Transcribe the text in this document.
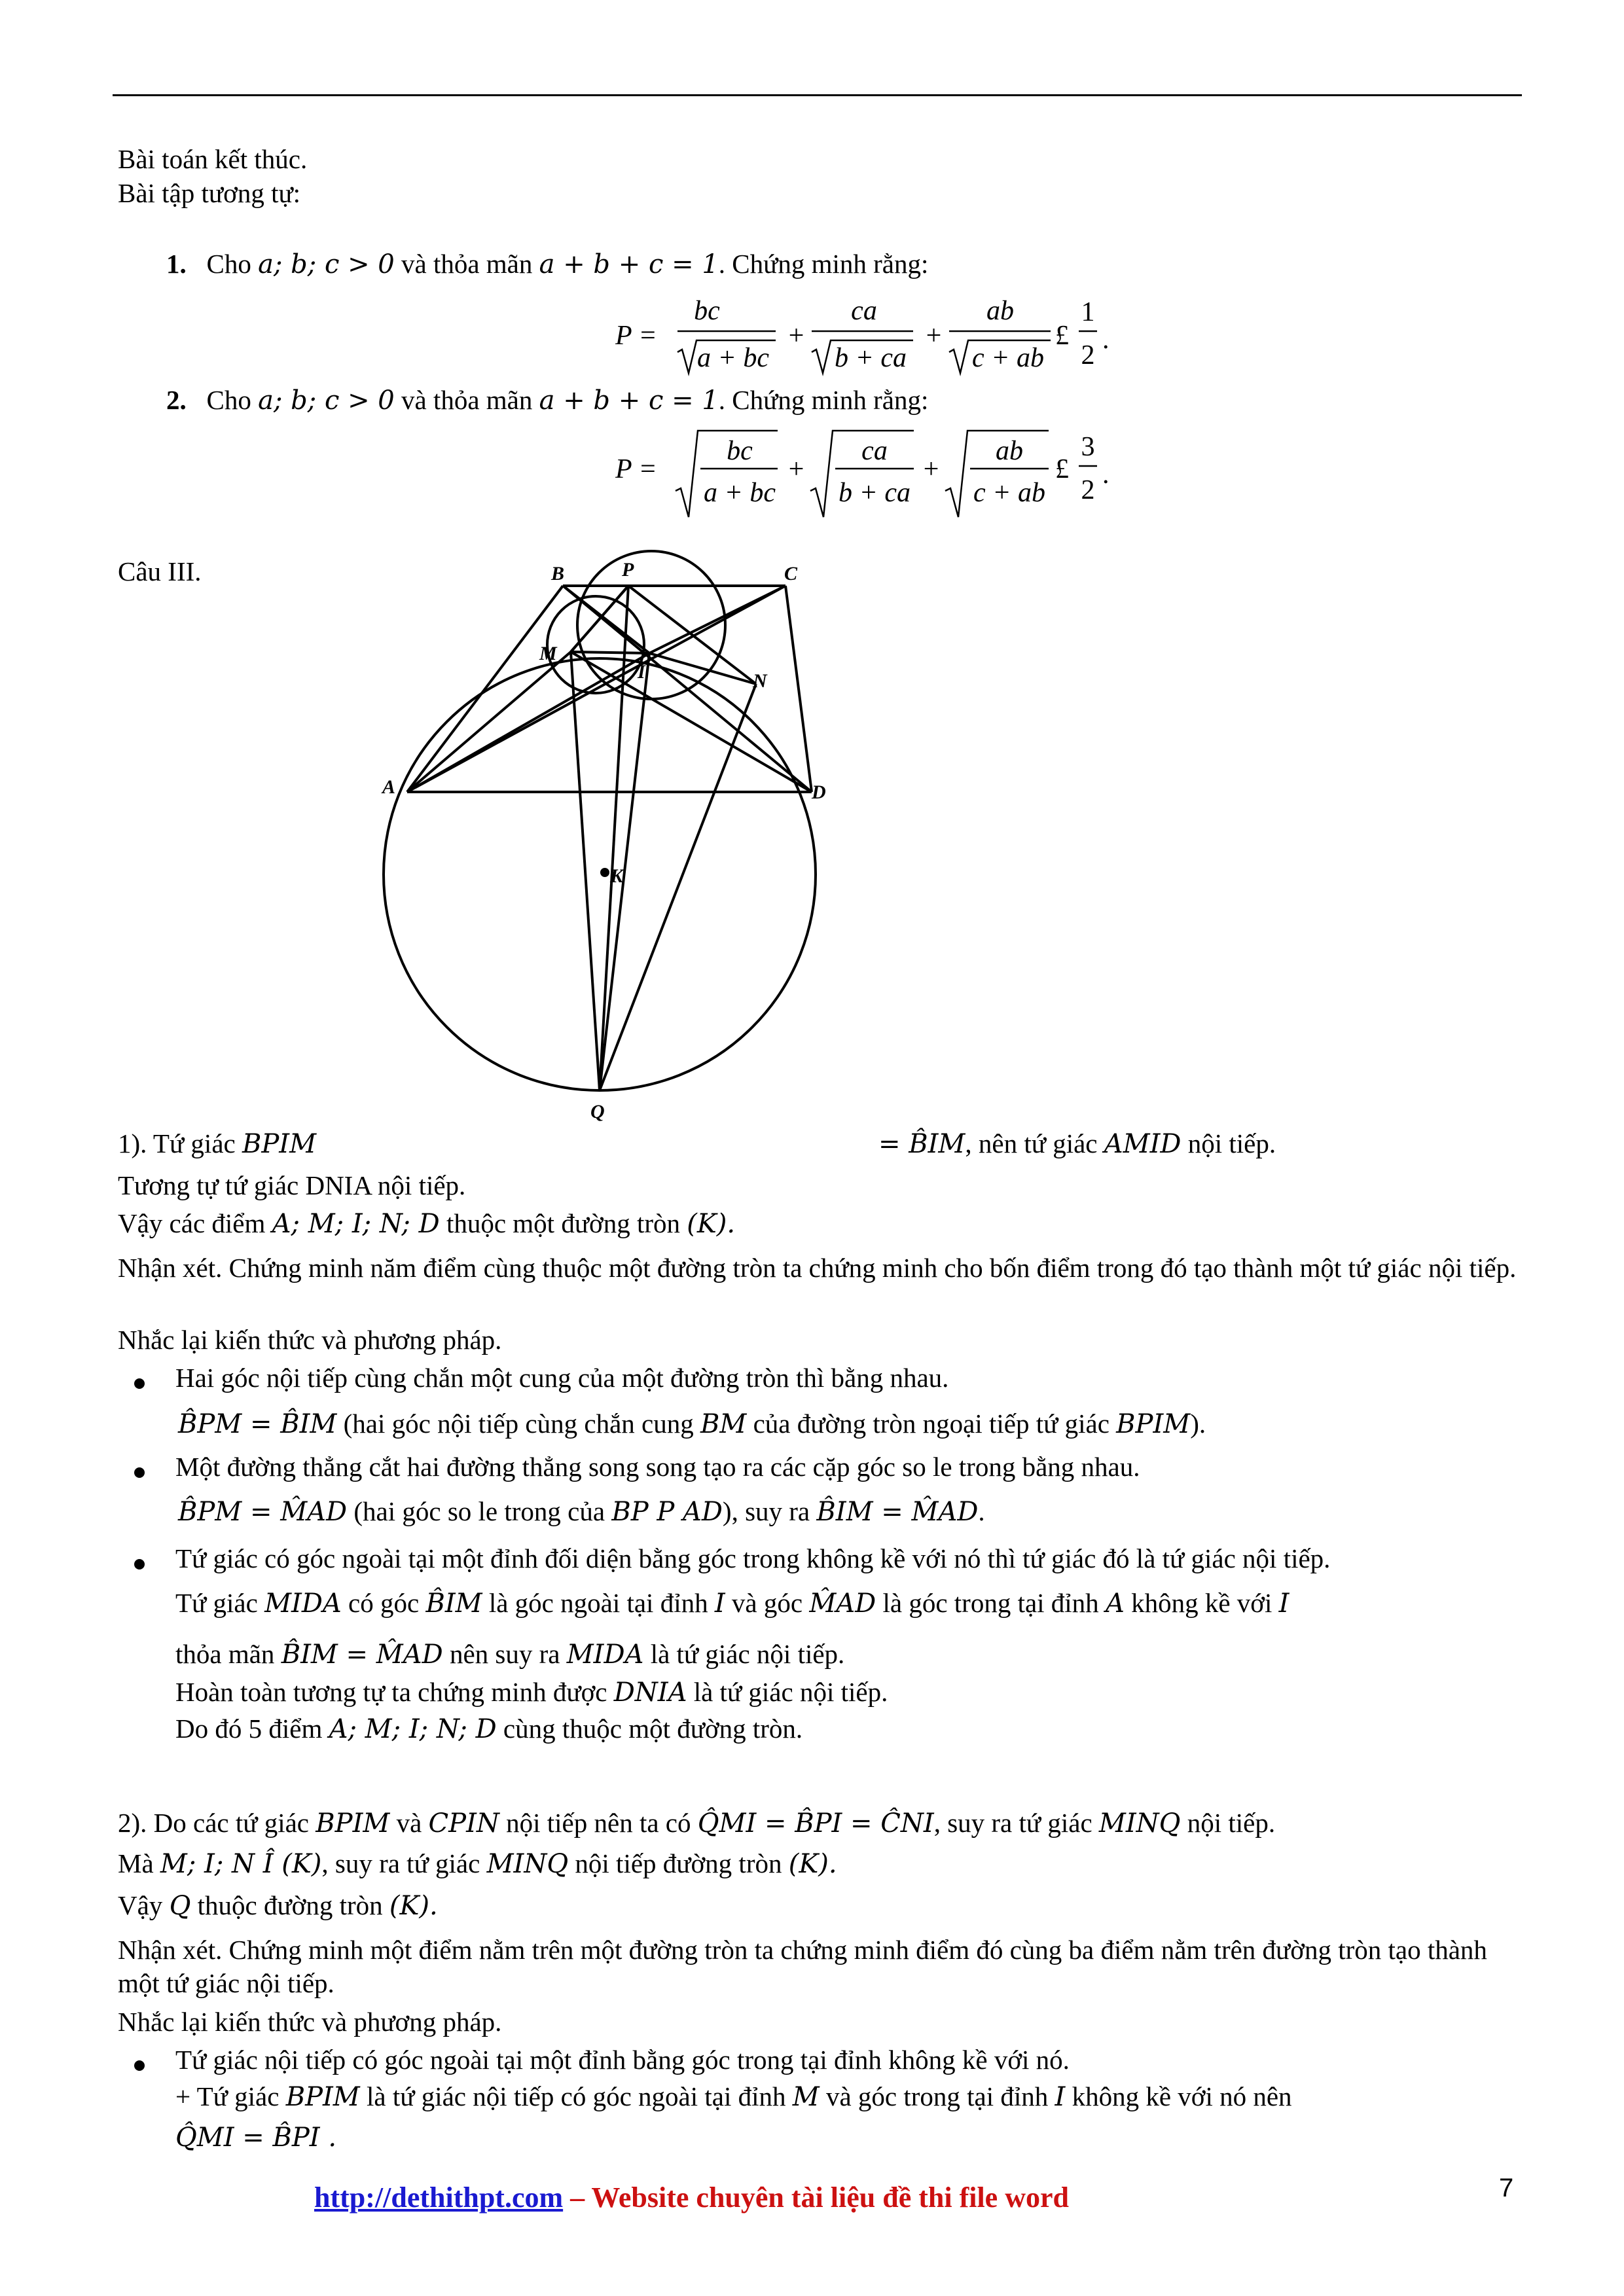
Bài toán kết thúc.
Bài tập tương tự:
1. Cho a; b; c > 0 và thỏa mãn a + b + c = 1. Chứng minh rằng:
P =
bc
a + bc
+
ca
b + ca
+
ab
c + ab
£
1
2
.
2. Cho a; b; c > 0 và thỏa mãn a + b + c = 1. Chứng minh rằng:
P =
bc
a + bc
+
ca
b + ca
+
ab
c + ab
£
3
2
.
Câu III.	B	P	C
M
I	N
A	D
K
Q
1). Tứ giác BPIM	= B̂IM, nên tứ giác AMID nội tiếp.
Tương tự tứ giác DNIA nội tiếp.
Vậy các điểm A; M; I; N; D thuộc một đường tròn (K).
Nhận xét. Chứng minh năm điểm cùng thuộc một đường tròn ta chứng minh cho bốn điểm trong đó tạo thành một tứ giác nội tiếp.
Nhắc lại kiến thức và phương pháp.
Hai góc nội tiếp cùng chắn một cung của một đường tròn thì bằng nhau.
B̂PM = B̂IM (hai góc nội tiếp cùng chắn cung BM của đường tròn ngoại tiếp tứ giác BPIM).
Một đường thẳng cắt hai đường thẳng song song tạo ra các cặp góc so le trong bằng nhau.
B̂PM = M̂AD (hai góc so le trong của BP P AD), suy ra B̂IM = M̂AD.
Tứ giác có góc ngoài tại một đỉnh đối diện bằng góc trong không kề với nó thì tứ giác đó là tứ giác nội tiếp.
Tứ giác MIDA có góc B̂IM là góc ngoài tại đỉnh I và góc M̂AD là góc trong tại đỉnh A không kề với I
thỏa mãn B̂IM = M̂AD nên suy ra MIDA là tứ giác nội tiếp.
Hoàn toàn tương tự ta chứng minh được DNIA là tứ giác nội tiếp.
Do đó 5 điểm A; M; I; N; D cùng thuộc một đường tròn.
2). Do các tứ giác BPIM và CPIN nội tiếp nên ta có Q̂MI = B̂PI = ĈNI, suy ra tứ giác MINQ nội tiếp.
Mà M; I; N Î (K), suy ra tứ giác MINQ nội tiếp đường tròn (K).
Vậy Q thuộc đường tròn (K).
Nhận xét. Chứng minh một điểm nằm trên một đường tròn ta chứng minh điểm đó cùng ba điểm nằm trên đường tròn tạo thành một tứ giác nội tiếp.
Nhắc lại kiến thức và phương pháp.
Tứ giác nội tiếp có góc ngoài tại một đỉnh bằng góc trong tại đỉnh không kề với nó.
+ Tứ giác BPIM là tứ giác nội tiếp có góc ngoài tại đỉnh M và góc trong tại đỉnh I không kề với nó nên
Q̂MI = B̂PI .
http://dethithpt.com – Website chuyên tài liệu đề thi file word	7
